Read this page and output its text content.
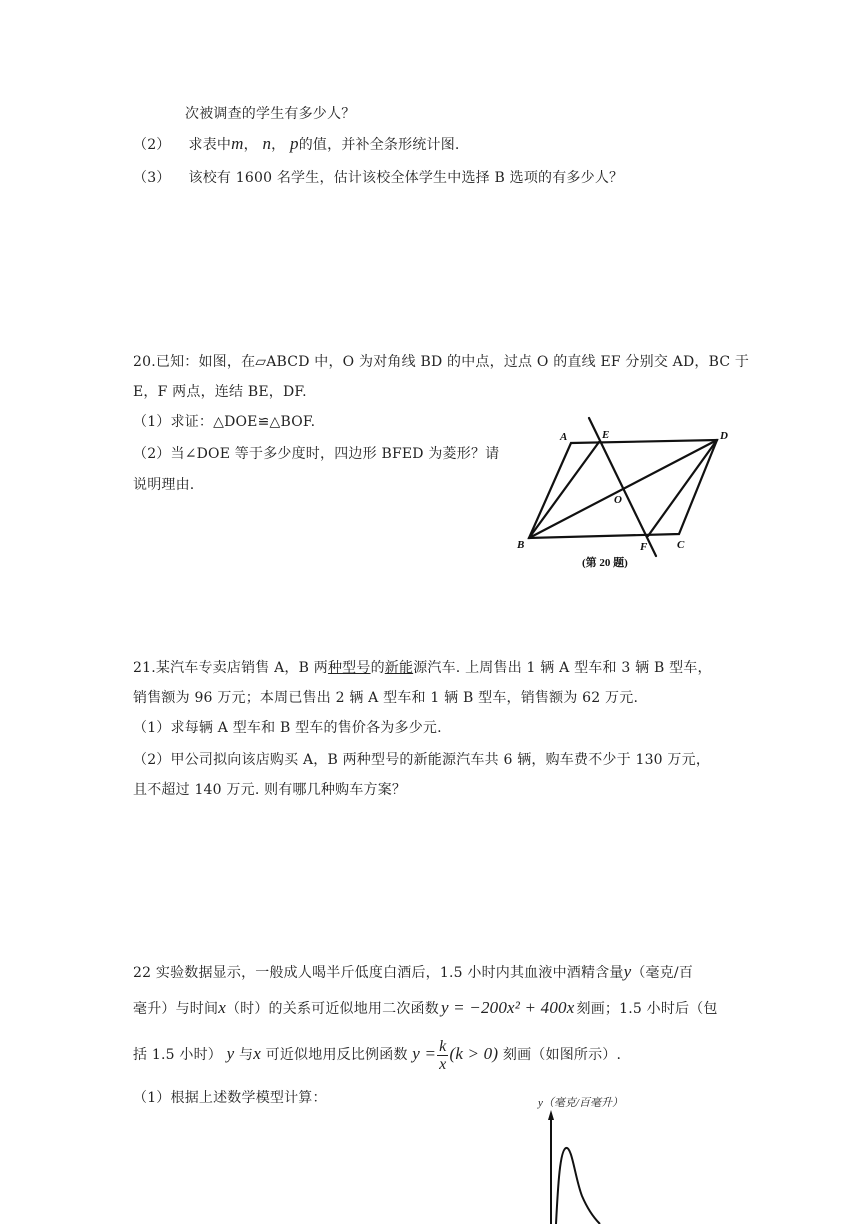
次被调查的学生有多少人？
（2） 求表中m， n， p的值，并补全条形统计图.
（3） 该校有 1600 名学生，估计该校全体学生中选择 B 选项的有多少人？
20.已知：如图，在▱ABCD 中，O 为对角线 BD 的中点，过点 O 的直线 EF 分别交 AD，BC 于
E，F 两点，连结 BE，DF.
（1）求证：△DOE≌△BOF.
（2）当∠DOE 等于多少度时，四边形 BFED 为菱形？请
说明理由.
A	E	D
O
B	F	C
(第 20 题)
21.某汽车专卖店销售 A，B 两种型号的新能源汽车. 上周售出 1 辆 A 型车和 3 辆 B 型车，
销售额为 96 万元；本周已售出 2 辆 A 型车和 1 辆 B 型车，销售额为 62 万元.
（1）求每辆 A 型车和 B 型车的售价各为多少元.
（2）甲公司拟向该店购买 A，B 两种型号的新能源汽车共 6 辆，购车费不少于 130 万元，
且不超过 140 万元. 则有哪几种购车方案？
22 实验数据显示，一般成人喝半斤低度白酒后，1.5 小时内其血液中酒精含量y（毫克/百
毫升）与时间x（时）的关系可近似地用二次函数 y = −200x² + 400x 刻画；1.5 小时后（包
括 1.5 小时） y 与x 可近似地用反比例函数 $y = \frac{k}{x} (k > 0)$ 刻画（如图所示）.
（1）根据上述数学模型计算：	y（毫克/百毫升）
